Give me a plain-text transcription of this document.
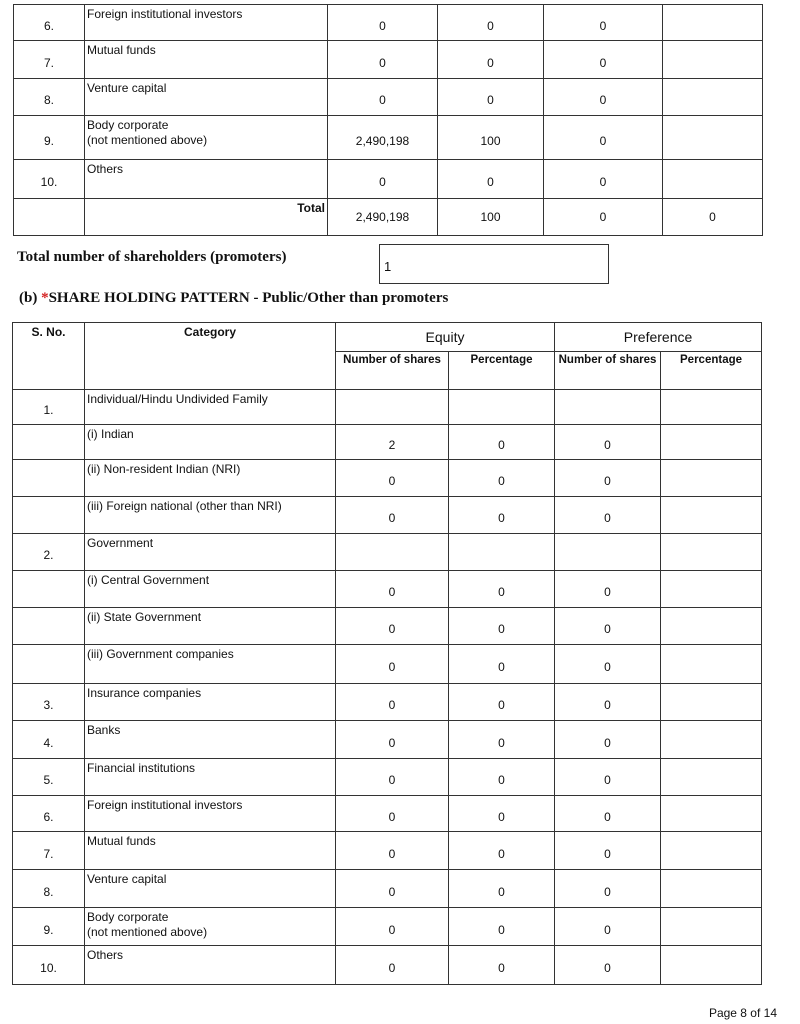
6.	Foreign institutional investors	0	0	0	
7.	Mutual funds	0	0	0	
8.	Venture capital	0	0	0	
9.	Body corporate
(not mentioned above)	2,490,198	100	0	
10.	Others	0	0	0	
	Total	2,490,198	100	0	0
Total number of shareholders (promoters)
1
(b) *SHARE HOLDING PATTERN - Public/Other than promoters
S. No.	Category	Equity		Preference	
		Number of shares	Percentage	Number of shares	Percentage
1.	Individual/Hindu Undivided Family				

	(i) Indian	2	0	0	

	(ii) Non-resident Indian (NRI)	0	0	0	

	(iii) Foreign national (other than NRI)	0	0	0	
2.	Government				

	(i) Central Government	0	0	0	

	(ii) State Government	0	0	0	

	(iii) Government companies	0	0	0	
3.	Insurance companies	0	0	0	
4.	Banks	0	0	0	
5.	Financial institutions	0	0	0	
6.	Foreign institutional investors	0	0	0	
7.	Mutual funds	0	0	0	
8.	Venture capital	0	0	0	
9.	Body corporate
(not mentioned above)	0	0	0	
10.	Others	0	0	0	
Page 8 of 14
